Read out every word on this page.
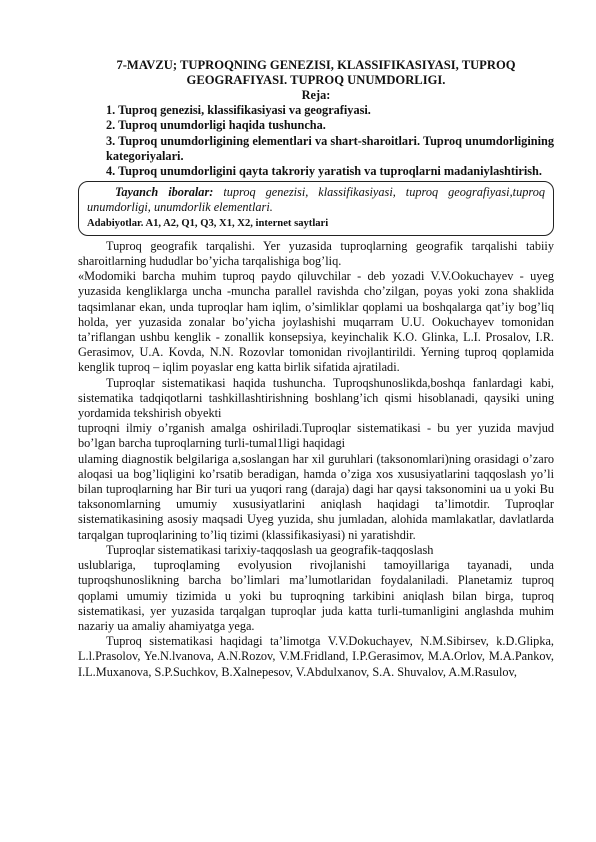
7-MAVZU; TUPROQNING GENEZISI, KLASSIFIKASIYASI, TUPROQ GEOGRAFIYASI. TUPROQ UNUMDORLIGI.

Reja:

1. Tuproq genezisi, klassifikasiyasi va geografiyasi.
2. Tuproq unumdorligi haqida tushuncha.
3. Tuproq unumdorligining elementlari va shart-sharoitlari. Tuproq unumdorligining kategoriyalari.
4. Tuproq unumdorligini qayta takroriy yaratish va tuproqlarni madaniylashtirish.

Tayanch iboralar: tuproq genezisi, klassifikasiyasi, tuproq geografiyasi,tuproq unumdorligi, unumdorlik elementlari.

Adabiyotlar. A1, A2, Q1, Q3, X1, X2, internet saytlari

Tuproq geografik tarqalishi. Yer yuzasida tuproqlarning geografik tarqalishi tabiiy sharoitlarning hududlar bo’yicha tarqalishiga bog’liq.

«Modomiki barcha muhim tuproq paydo qiluvchilar - deb yozadi V.V.Ookuchayev - uyeg yuzasida kengliklarga uncha -muncha parallel ravishda cho’zilgan, poyas yoki zona shaklida taqsimlanar ekan, unda tuproqlar ham iqlim, o’simliklar qoplami ua boshqalarga qat’iy bog’liq holda, yer yuzasida zonalar bo’yicha joylashishi muqarram U.U. Ookuchayev tomonidan ta’riflangan ushbu kenglik - zonallik konsepsiya, keyinchalik K.O. Glinka, L.I. Prosalov, I.R. Gerasimov, U.A. Kovda, N.N. Rozovlar tomonidan rivojlantirildi. Yerning tuproq qoplamida kenglik tuproq – iqlim poyaslar eng katta birlik sifatida ajratiladi.

Tuproqlar sistematikasi haqida tushuncha. Tuproqshunoslikda,boshqa fanlardagi kabi, sistematika tadqiqotlarni tashkillashtirishning boshlang’ich qismi hisoblanadi, qaysiki uning yordamida tekshirish obyekti

tuproqni ilmiy o’rganish amalga oshiriladi.Tuproqlar sistematikasi - bu yer yuzida mavjud bo’lgan barcha tuproqlarning turli-tumal1ligi haqidagi

ulaming diagnostik belgilariga a,soslangan har xil guruhlari (taksonomlari)ning orasidagi o’zaro aloqasi ua bog’liqligini ko’rsatib beradigan, hamda o’ziga xos xususiyatlarini taqqoslash yo’li bilan tuproqlarning har Bir turi ua yuqori rang (daraja) dagi har qaysi taksonomini ua u yoki Bu taksonomlarning umumiy xususiyatlarini aniqlash haqidagi ta’limotdir. Tuproqlar sistematikasining asosiy maqsadi Uyeg yuzida, shu jumladan, alohida mamlakatlar, davlatlarda tarqalgan tuproqlarining to’liq tizimi (klassifikasiyasi) ni yaratishdir.

Tuproqlar sistematikasi tarixiy-taqqoslash ua geografik-taqqoslash

uslublariga, tuproqlaming evolyusion rivojlanishi tamoyillariga tayanadi, unda tuproqshunoslikning barcha bo’limlari ma’lumotlaridan foydalaniladi. Planetamiz tuproq qoplami umumiy tizimida u yoki bu tuproqning tarkibini aniqlash bilan birga, tuproq sistematikasi, yer yuzasida tarqalgan tuproqlar juda katta turli-tumanligini anglashda muhim nazariy ua amaliy ahamiyatga yega.

Tuproq sistematikasi haqidagi ta’limotga V.V.Dokuchayev, N.M.Sibirsev, k.D.Glipka, L.l.Prasolov, Ye.N.lvanova, A.N.Rozov, V.M.Fridland, I.P.Gerasimov, M.A.Orlov, M.A.Pankov, I.L.Muxanova, S.P.Suchkov, B.Xalnepesov, V.Abdulxanov, S.A. Shuvalov, A.M.Rasulov,
